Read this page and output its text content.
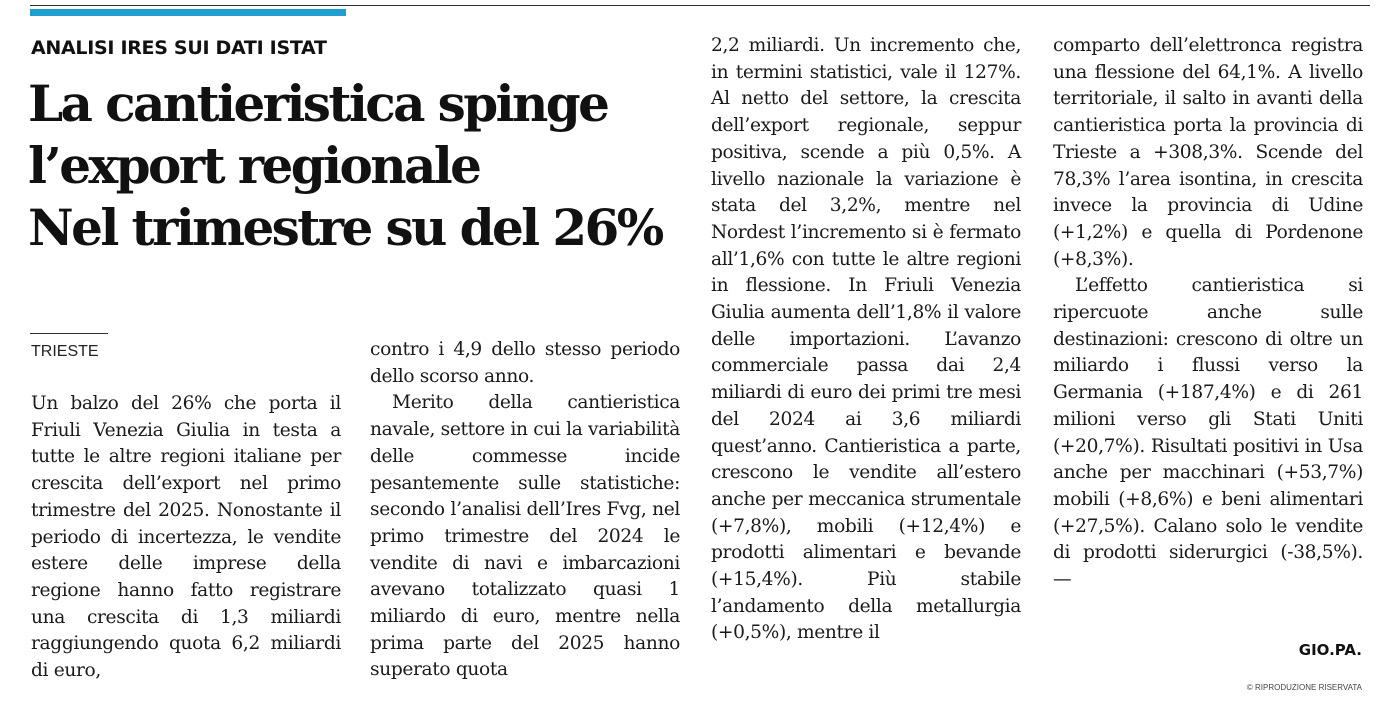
ANALISI IRES SUI DATI ISTAT
La cantieristica spinge
l’export regionale
Nel trimestre su del 26%
TRIESTE

Un balzo del 26% che porta il Friuli Venezia Giulia in testa a tutte le altre regioni italiane per crescita dell’export nel primo trimestre del 2025. Nonostante il periodo di incertezza, le vendite estere delle imprese della regione hanno fatto registrare una crescita di 1,3 miliardi raggiungendo quota 6,2 miliardi di euro,

contro i 4,9 dello stesso periodo dello scorso anno.

Merito della cantieristica navale, settore in cui la variabilità delle commesse incide pesantemente sulle statistiche: secondo l’analisi dell’Ires Fvg, nel primo trimestre del 2024 le vendite di navi e imbarcazioni avevano totalizzato quasi 1 miliardo di euro, mentre nella prima parte del 2025 hanno superato quota

2,2 miliardi. Un incremento che, in termini statistici, vale il 127%. Al netto del settore, la crescita dell’export regionale, seppur positiva, scende a più 0,5%. A livello nazionale la variazione è stata del 3,2%, mentre nel Nordest l’incremento si è fermato all’1,6% con tutte le altre regioni in flessione. In Friuli Venezia Giulia aumenta dell’1,8% il valore delle importazioni. L’avanzo commerciale passa dai 2,4 miliardi di euro dei primi tre mesi del 2024 ai 3,6 miliardi quest’anno. Cantieristica a parte, crescono le vendite all’estero anche per meccanica strumentale (+7,8%), mobili (+12,4%) e prodotti alimentari e bevande (+15,4%). Più stabile l’andamento della metallurgia (+0,5%), mentre il

comparto dell’elettronca registra una flessione del 64,1%. A livello territoriale, il salto in avanti della cantieristica porta la provincia di Trieste a +308,3%. Scende del 78,3% l’area isontina, in crescita invece la provincia di Udine (+1,2%) e quella di Pordenone (+8,3%).

L’effetto cantieristica si ripercuote anche sulle destinazioni: crescono di oltre un miliardo i flussi verso la Germania (+187,4%) e di 261 milioni verso gli Stati Uniti (+20,7%). Risultati positivi in Usa anche per macchinari (+53,7%) mobili (+8,6%) e beni alimentari (+27,5%). Calano solo le vendite di prodotti siderurgici (-38,5%). —

GIO.PA.
© RIPRODUZIONE RISERVATA
